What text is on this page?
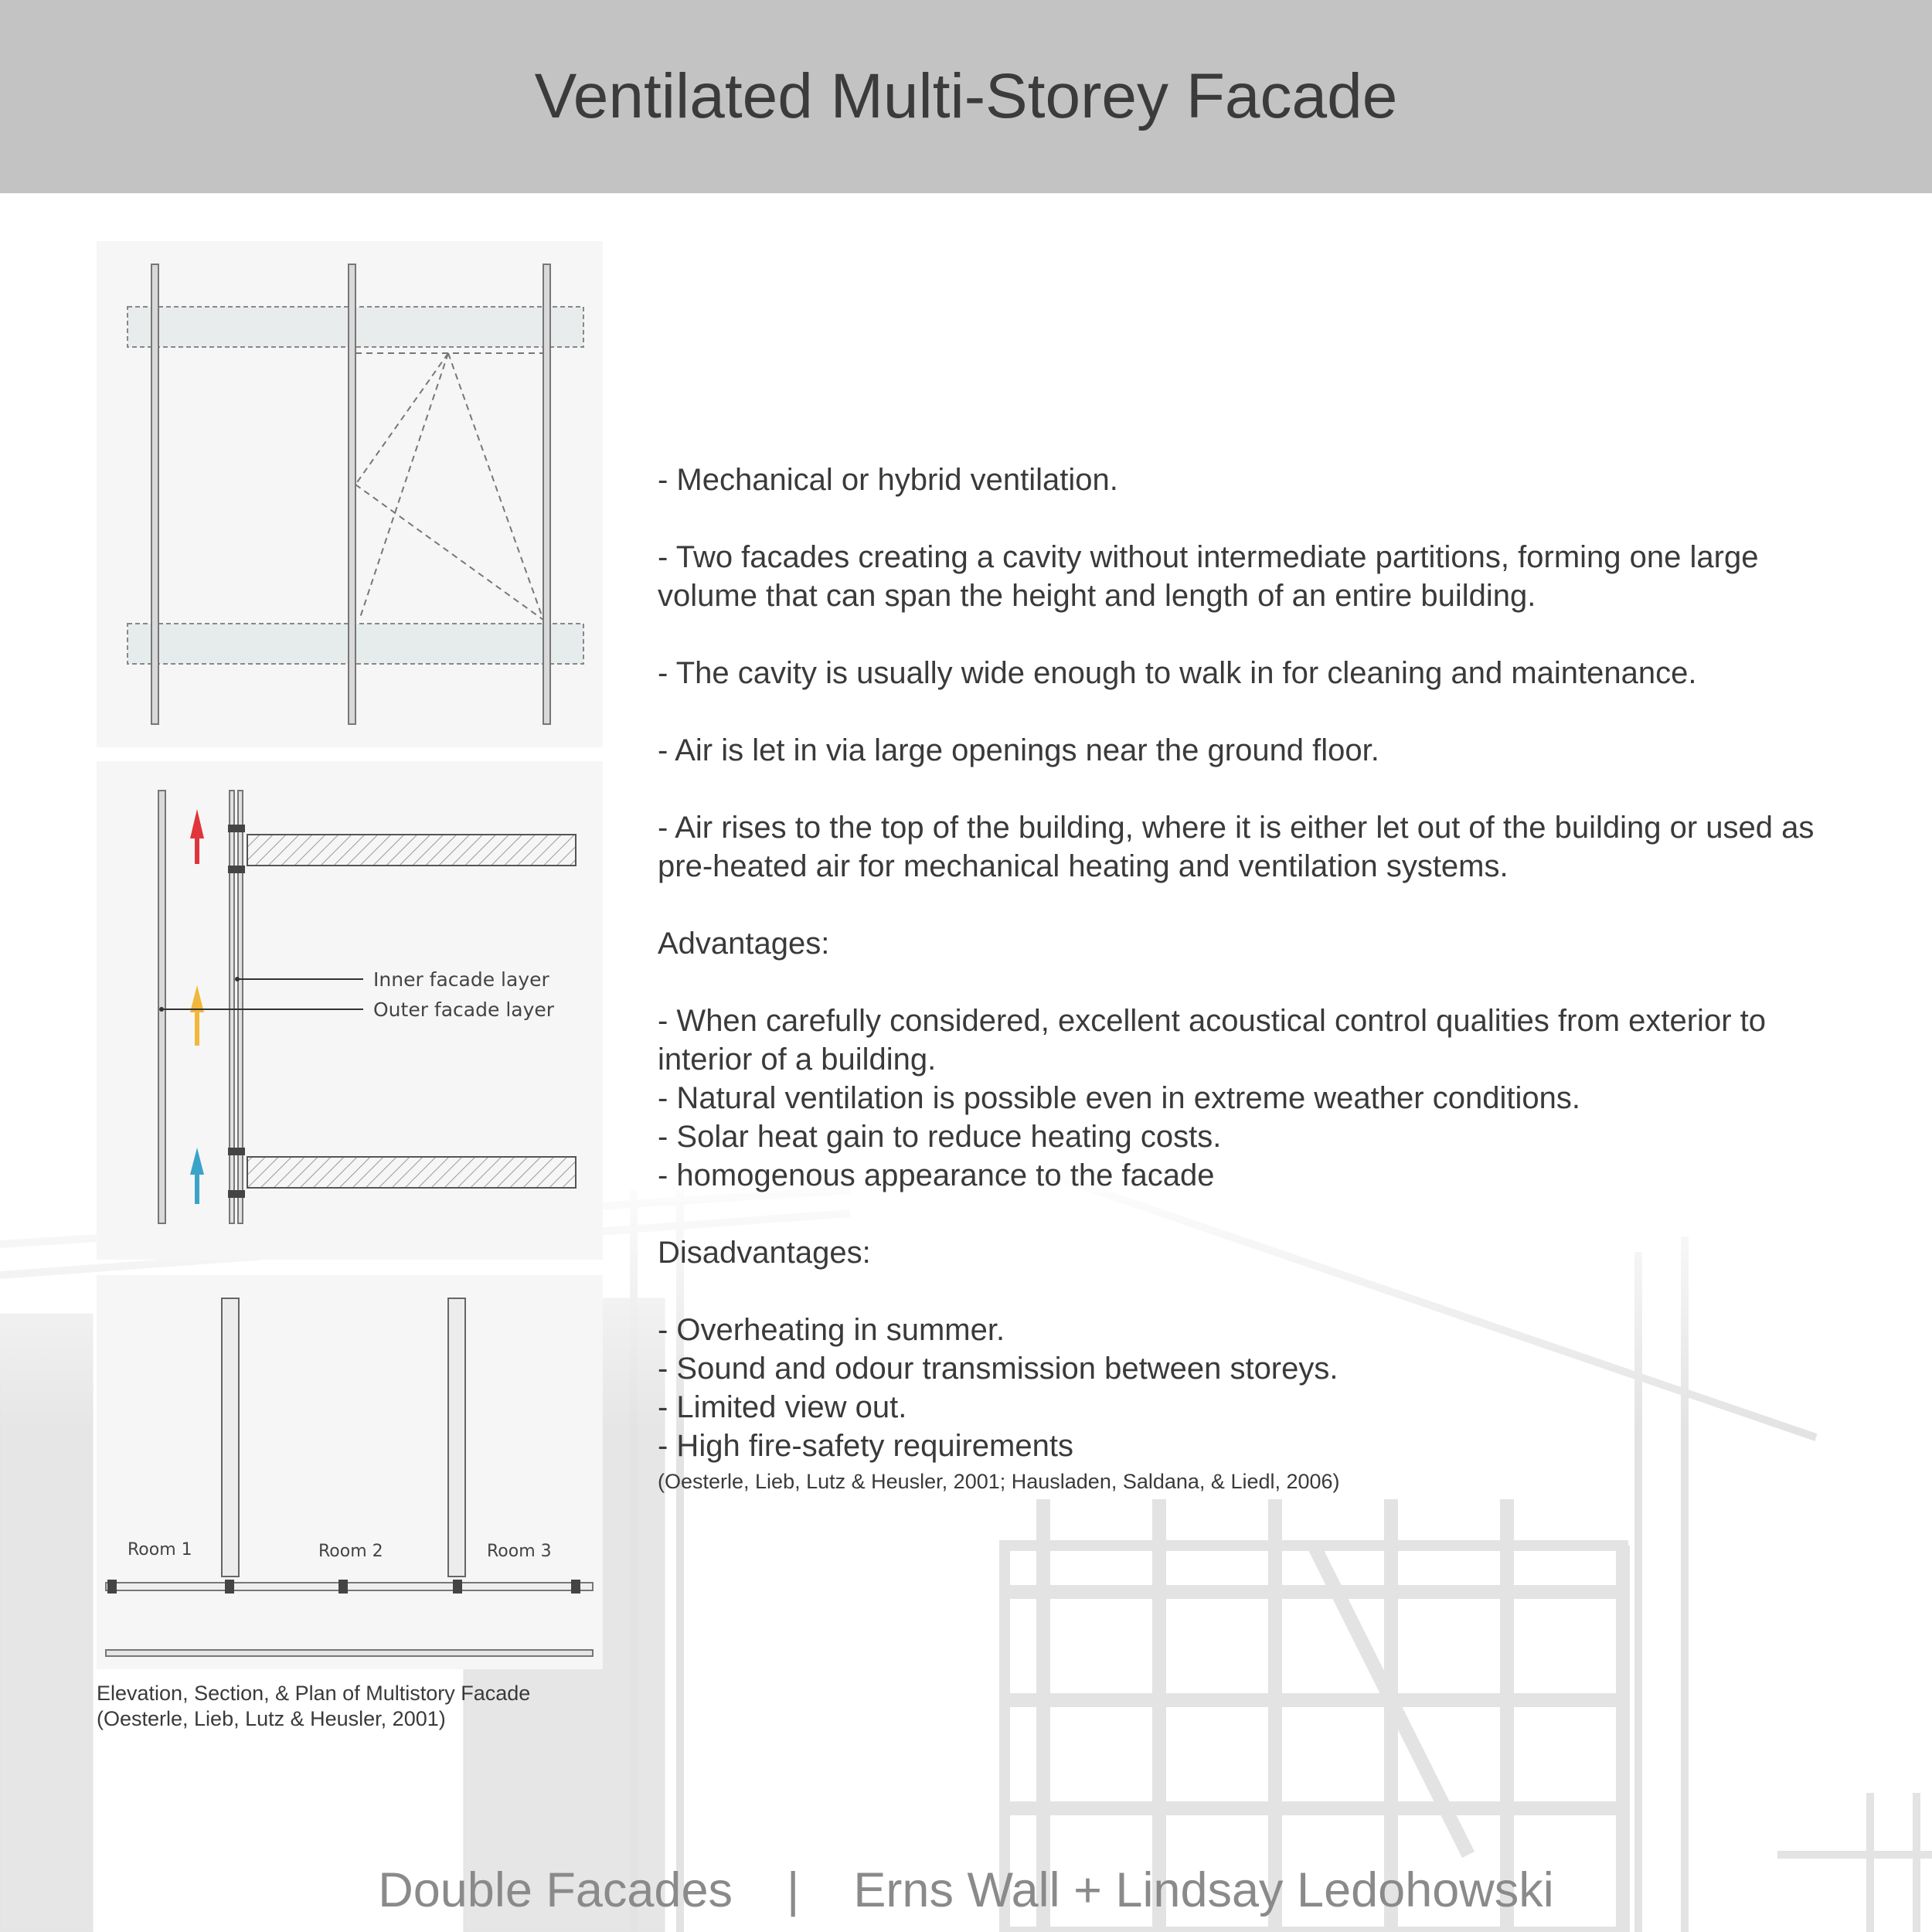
Ventilated Multi-Storey Facade
Inner facade layer
Outer facade layer
Room 1	Room 2	Room 3
Elevation, Section, & Plan of Multistory Facade
(Oesterle, Lieb, Lutz & Heusler, 2001)

- Mechanical or hybrid ventilation.

- Two facades creating a cavity without intermediate partitions, forming one large volume that can span the height and length of an entire building.

- The cavity is usually wide enough to walk in for cleaning and maintenance.

- Air is let in via large openings near the ground floor.

- Air rises to the top of the building, where it is either let out of the building or used as pre-heated air for mechanical heating and ventilation systems.

Advantages:

- When carefully considered, excellent acoustical control qualities from exterior to interior of a building.

- Natural ventilation is possible even in extreme weather conditions.

- Solar heat gain to reduce heating costs.

- homogenous appearance to the facade

Disadvantages:

- Overheating in summer.

- Sound and odour transmission between storeys.

- Limited view out.

- High fire-safety requirements

(Oesterle, Lieb, Lutz & Heusler, 2001; Hausladen, Saldana, & Liedl, 2006)

Double Facades | Erns Wall + Lindsay Ledohowski
